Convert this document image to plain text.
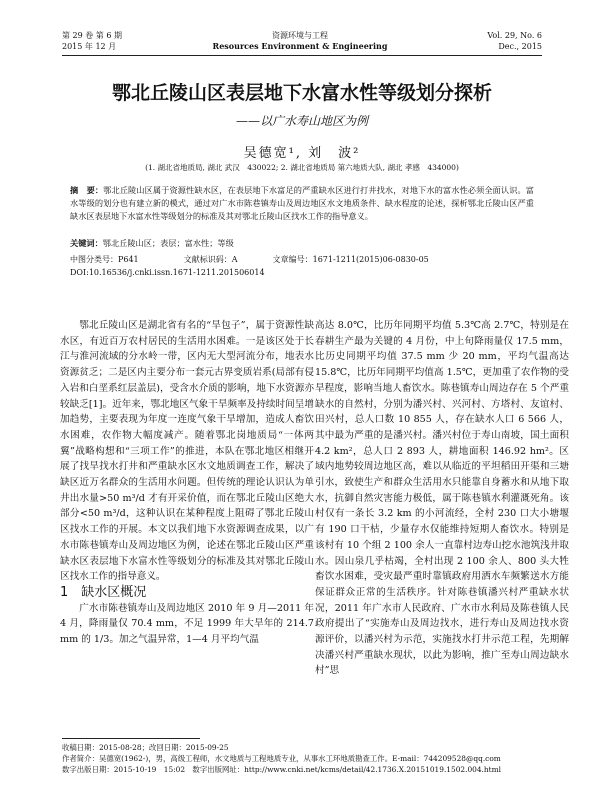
第 29 卷 第 6 期
2015 年 12 月
资源环境与工程
Resources Environment & Engineering
Vol. 29, No. 6
Dec., 2015
鄂北丘陵山区表层地下水富水性等级划分探析
——以广水寿山地区为例
吴德宽¹, 刘　波²
(1. 湖北省地质局, 湖北 武汉　430022; 2. 湖北省地质局 第六地质大队, 湖北 孝感　434000)
摘　要：鄂北丘陵山区属于资源性缺水区，在表层地下水富足的严重缺水区进行打井找水，对地下水的富水性必须全面认识。富水等级的划分也有建立新的模式，通过对广水市陈巷镇寿山及周边地区水文地质条件、缺水程度的论述，探析鄂北丘陵山区严重缺水区表层地下水富水性等级划分的标准及其对鄂北丘陵山区找水工作的指导意义。
关键词：鄂北丘陵山区；表层；富水性；等级
中图分类号：P641	文献标识码：A	文章编号：1671-1211(2015)06-0830-05
DOI:10.16536/j.cnki.issn.1671-1211.201506014

鄂北丘陵山区是湖北省有名的“旱包子”，属于资源性缺水区，有近百万农村居民的生活用水困难。一是该区处于长江与淮河流域的分水岭一带，区内无大型河流分布，地表水资源贫乏；二是区内主要分布一套元古界变质岩系(局部有侵入岩和白垩系红层盖层)，受含水介质的影响，地下水资源亦较缺乏[1]。近年来，鄂北地区气象干旱频率及持续时间呈增加趋势，主要表现为年度一连度气象干旱增加，造成人畜饮水困难，农作物大幅度减产。随着鄂北岗地质局“一体两翼”战略构想和“三项工作”的推进，本队在鄂北地区相继开展了找旱找水打井和严重缺水区水文地质调查工作，解决了缺区近万名群众的生活用水问题。但传统的理论认识认为单井出水量>50 m³/d 才有开采价值，而在鄂北丘陵山区绝大部分<50 m³/d，这种认识在某种程度上阻碍了鄂北丘陵山区找水工作的开展。本文以我们地下水资源调查成果，以广水市陈巷镇寿山及周边地区为例，论述在鄂北丘陵山区严重缺水区表层地下水富水性等级划分的标准及其对鄂北丘陵山区找水工作的指导意义。

1　缺水区概况

广水市陈巷镇寿山及周边地区 2010 年 9 月—2011 年 4 月，降雨量仅 70.4 mm，不足 1999 年大旱年的 214.7 mm 的 1/3。加之气温异常，1—4 月平均气温

高达 8.0℃，比历年同期平均值 5.3℃高 2.7℃，特别是在春耕生产最为关键的 4 月份，中上旬降雨量仅 17.5 mm，比历史同期平均值 37.5 mm 少 20 mm，平均气温高达 15.8℃，比历年同期平均值高 1.5℃，更加重了农作物的受旱程度，影响当地人畜饮水。陈巷镇寿山周边存在 5 个严重缺水的自然村，分别为潘兴村、兴河村、方塔村、友谊村、田兴村，总人口数 10 855 人，存在缺水人口 6 566 人，其中最为严重的是潘兴村。潘兴村位于寿山南坡，国土面积 4.2 km²，总人口 2 893 人，耕地面积 146.92 hm²。区域内地势较周边地区高，难以从临近的平坦稻田开渠和三塘引水，致使生产和群众生活用水只能靠自身蓄水和从地下取水，抗御自然灾害能力极低，属于陈巷镇水利灌溉死角。该村仅有一条长 3.2 km 的小河流经，全村 230 口大小塘堰有 190 口干枯，少量存水仅能维持短期人畜饮水。特别是该村有 10 个组 2 100 余人一直靠村边寿山挖水池筑浅井取水。因山泉几乎枯竭，全村出现 2 100 余人、800 头大牲畜饮水困难，受灾最严重时靠镇政府用洒水车频繁送水方能保证群众正常的生活秩序。针对陈巷镇潘兴村严重缺水状况，2011 年广水市人民政府、广水市水利局及陈巷镇人民政府提出了“实施寿山及周边找水，进行寿山及周边找水资源评价，以潘兴村为示范，实施找水打井示范工程，先期解决潘兴村严重缺水现状，以此为影响，推广至寿山周边缺水村”思

收稿日期：2015-08-28；改回日期：2015-09-25
作者简介：吴德宽(1962-)，男，高级工程师，水文地质与工程地质专业，从事水工环地质勘查工作。E-mail：744209528@qq.com
数字出版日期：2015-10-19　15:02　数字出版网址：http://www.cnki.net/kcms/detail/42.1736.X.20151019.1502.004.html
